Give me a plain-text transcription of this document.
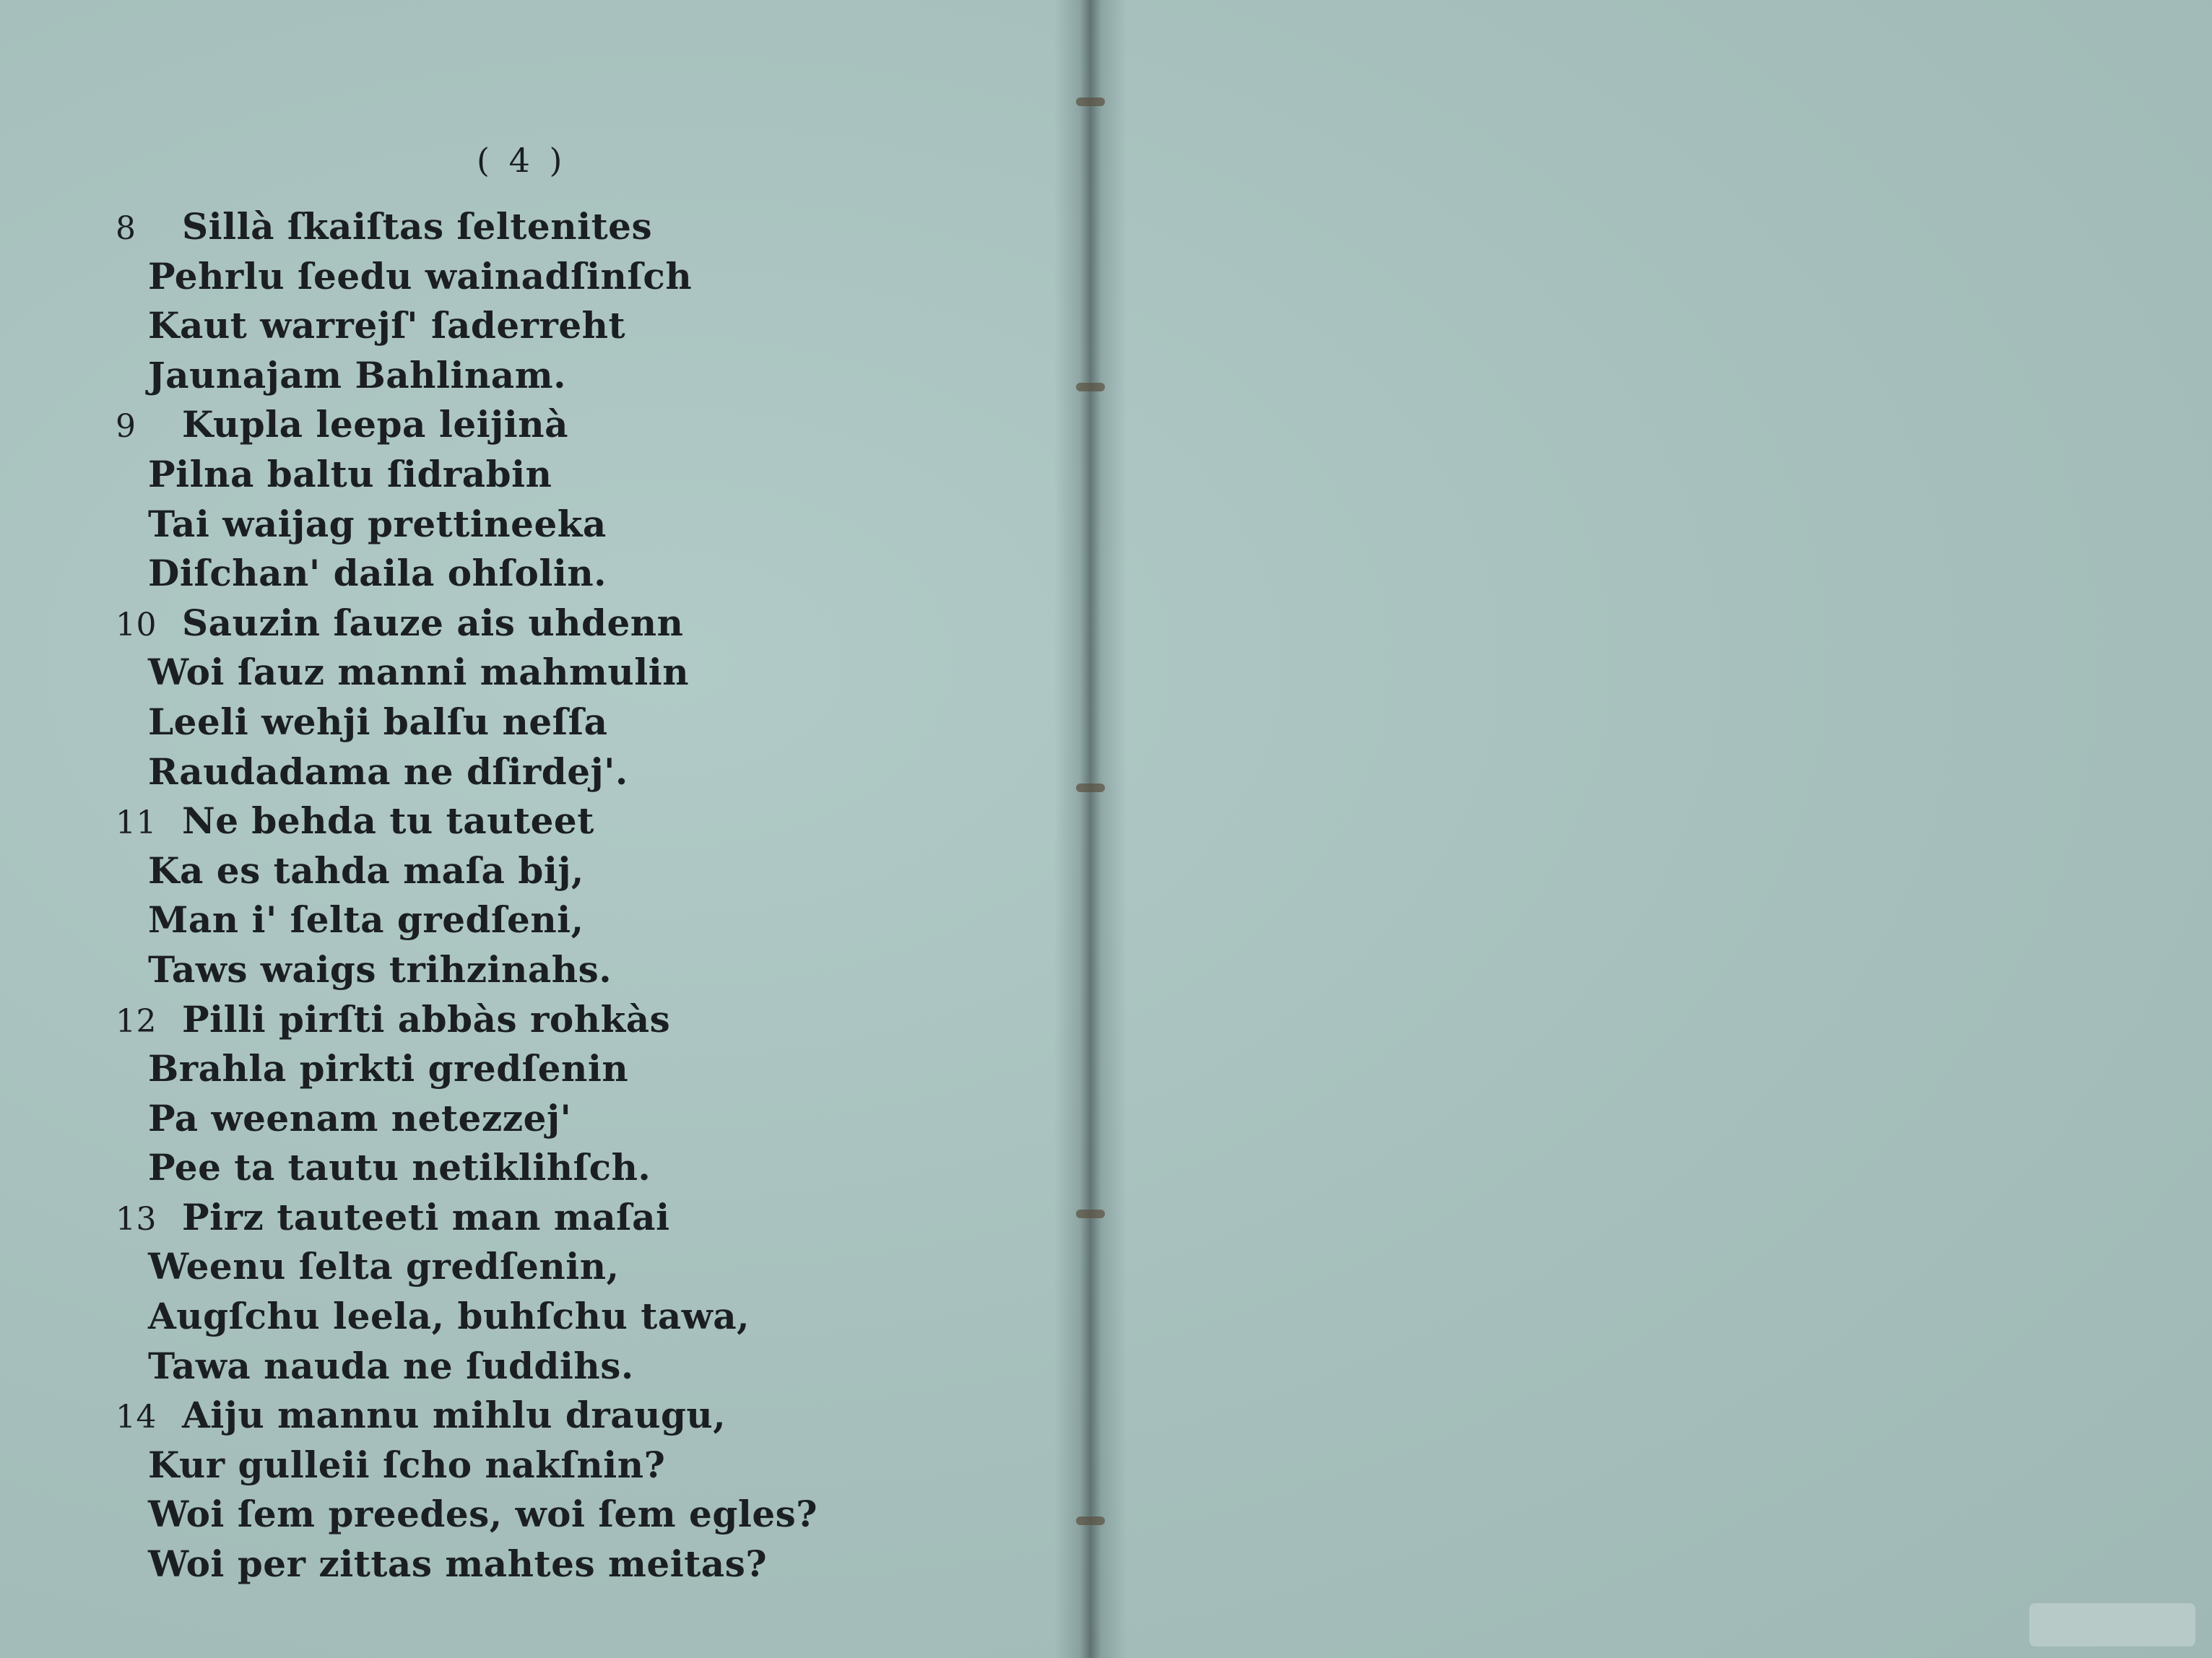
( 4 )
8 Sillà ſkaiſtas ſeltenites
Pehrlu ſeedu wainadſinſch
Kaut warrejſ' ſaderreht
Jaunajam Bahlinam.
9 Kupla leepa leijinà
Pilna baltu ſidrabin
Tai waijag prettineeka
Diſchan' daila ohſolin.
10 Sauzin ſauze ais uhdenn
Woi ſauz manni mahmulin
Leeli wehji balſu neſſa
Raudadama ne dſirdej'.
11 Ne behda tu tauteet
Ka es tahda maſa bij,
Man i' ſelta gredſeni,
Taws waigs trihzinahs.
12 Pilli pirſti abbàs rohkàs
Brahla pirkti gredſenin
Pa weenam netezzej'
Pee ta tautu netiklihſch.
13 Pirz tauteeti man maſai
Weenu ſelta gredſenin,
Augſchu leela, buhſchu tawa,
Tawa nauda ne ſuddihs.
14 Aiju mannu mihlu draugu,
Kur gulleii ſcho nakſnin?
Woi ſem preedes, woi ſem egles?
Woi per zittas mahtes meitas?
